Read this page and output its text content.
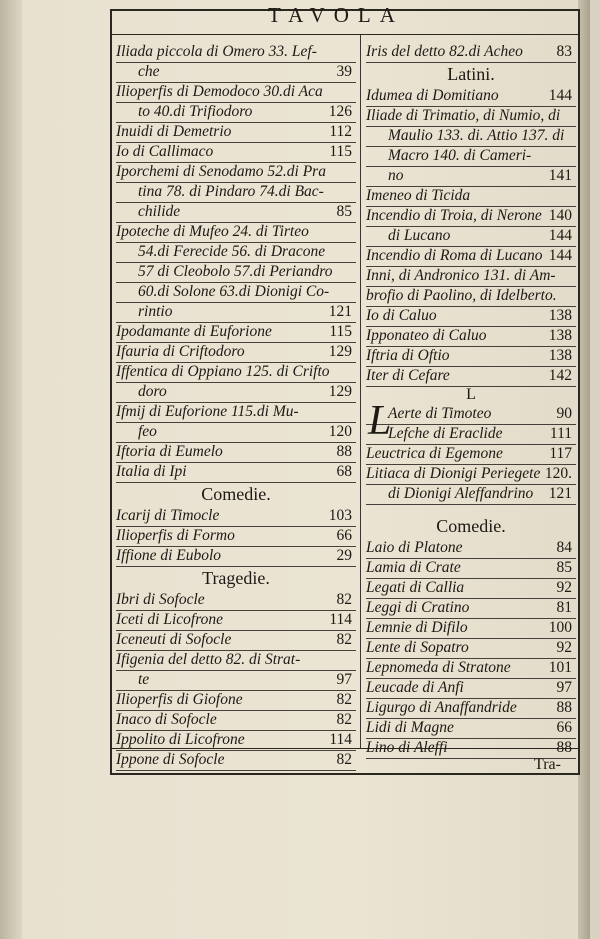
TAVOLA
Iliada piccola di Omero 33. Lef-
che	39
Ilioperfis di Demodoco 30.di Aca
to 40.di Trifiodoro	126
Inuidi di Demetrio	112
Io di Callimaco	115
Iporchemi di Senodamo 52.di Pra
tina 78. di Pindaro 74.di Bac-
chilide	85
Ipoteche di Mufeo 24. di Tirteo
54.di Ferecide 56. di Dracone
57 di Cleobolo 57.di Periandro
60.di Solone 63.di Dionigi Co-
rintio	121
Ipodamante di Euforione	115
Ifauria di Criftodoro	129
Iffentica di Oppiano 125. di Crifto
doro	129
Ifmij di Euforione 115.di Mu-
feo	120
Iftoria di Eumelo	88
Italia di Ipi	68
Comedie.
Icarij di Timocle	103
Ilioperfis di Formo	66
Iffione di Eubolo	29
Tragedie.
Ibri di Sofocle	82
Iceti di Licofrone	114
Iceneuti di Sofocle	82
Ifigenia del detto 82. di Strat-
te	97
Ilioperfis di Giofone	82
Inaco di Sofocle	82
Ippolito di Licofrone	114
Ippone di Sofocle	82
Iris del detto 82.di Acheo 83
Latini.
Idumea di Domitiano	144
Iliade di Trimatio, di Numio, di
Maulio 133. di. Attio 137. di
Macro 140. di Cameri-
no	141
Imeneo di Ticida
Incendio di Troia, di Nerone 140
di Lucano	144
Incendio di Roma di Lucano 144
Inni, di Andronico 131. di Am-
brofio di Paolino, di Idelberto.
Io di Caluo	138
Ipponateo di Caluo	138
Iftria di Oftio	138
Iter di Cefare	142
L
L
Aerte di Timoteo	90
Lefche di Eraclide	111
Leuctrica di Egemone	117
Litiaca di Dionigi Periegete 120.
di Dionigi Aleffandrino 121
Comedie.
Laio di Platone	84
Lamia di Crate	85
Legati di Callia	92
Leggi di Cratino	81
Lemnie di Difilo	100
Lente di Sopatro	92
Lepnomeda di Stratone 101
Leucade di Anfi	97
Ligurgo di Anaffandride	88
Lidi di Magne	66
Lino di Aleffi	88
Tra-
